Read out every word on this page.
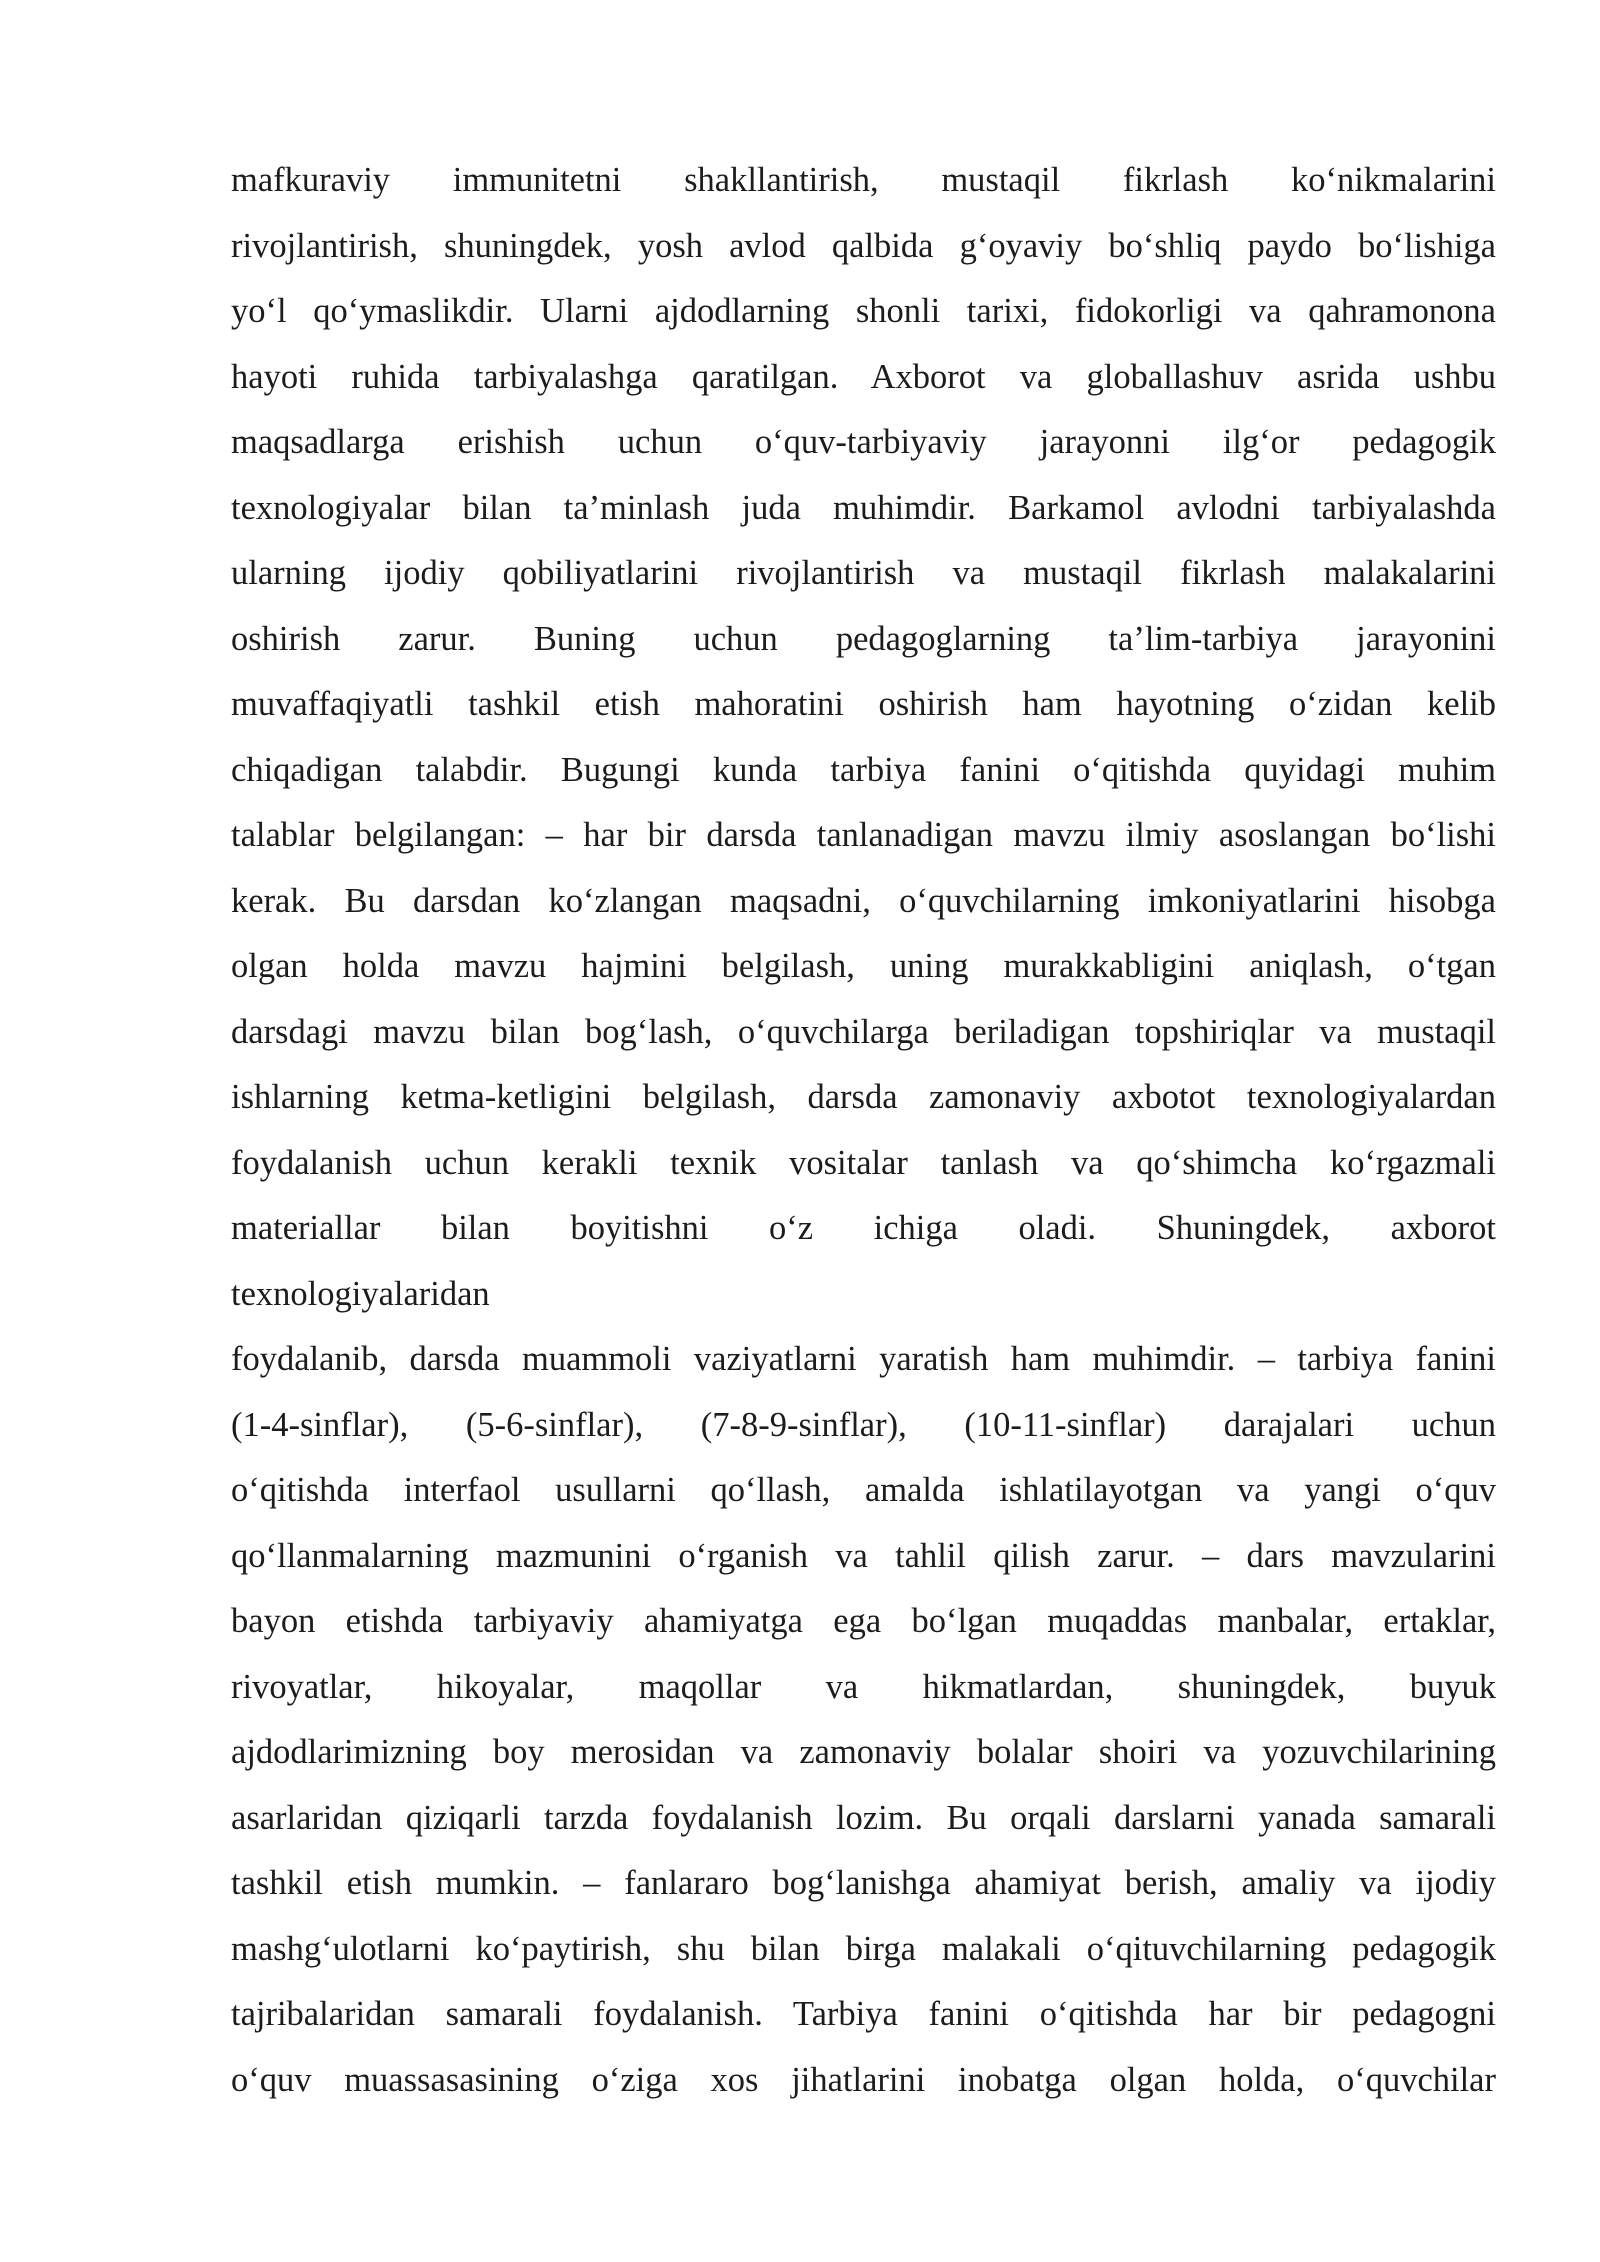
mafkuraviy immunitetni shakllantirish, mustaqil fikrlash ko‘nikmalarini
rivojlantirish, shuningdek, yosh avlod qalbida g‘oyaviy bo‘shliq paydo bo‘lishiga
yo‘l qo‘ymaslikdir. Ularni ajdodlarning shonli tarixi, fidokorligi va qahramonona
hayoti ruhida tarbiyalashga qaratilgan. Axborot va globallashuv asrida ushbu
maqsadlarga erishish uchun o‘quv-tarbiyaviy jarayonni ilg‘or pedagogik
texnologiyalar bilan ta’minlash juda muhimdir. Barkamol avlodni tarbiyalashda
ularning ijodiy qobiliyatlarini rivojlantirish va mustaqil fikrlash malakalarini
oshirish zarur. Buning uchun pedagoglarning ta’lim-tarbiya jarayonini
muvaffaqiyatli tashkil etish mahoratini oshirish ham hayotning o‘zidan kelib
chiqadigan talabdir. Bugungi kunda tarbiya fanini o‘qitishda quyidagi muhim
talablar belgilangan: – har bir darsda tanlanadigan mavzu ilmiy asoslangan bo‘lishi
kerak. Bu darsdan ko‘zlangan maqsadni, o‘quvchilarning imkoniyatlarini hisobga
olgan holda mavzu hajmini belgilash, uning murakkabligini aniqlash, o‘tgan
darsdagi mavzu bilan bog‘lash, o‘quvchilarga beriladigan topshiriqlar va mustaqil
ishlarning ketma-ketligini belgilash, darsda zamonaviy axbotot texnologiyalardan
foydalanish uchun kerakli texnik vositalar tanlash va qo‘shimcha ko‘rgazmali
materiallar bilan boyitishni o‘z ichiga oladi. Shuningdek, axborot
texnologiyalaridan
foydalanib, darsda muammoli vaziyatlarni yaratish ham muhimdir. – tarbiya fanini
(1-4-sinflar), (5-6-sinflar), (7-8-9-sinflar), (10-11-sinflar) darajalari uchun
o‘qitishda interfaol usullarni qo‘llash, amalda ishlatilayotgan va yangi o‘quv
qo‘llanmalarning mazmunini o‘rganish va tahlil qilish zarur. – dars mavzularini
bayon etishda tarbiyaviy ahamiyatga ega bo‘lgan muqaddas manbalar, ertaklar,
rivoyatlar, hikoyalar, maqollar va hikmatlardan, shuningdek, buyuk
ajdodlarimizning boy merosidan va zamonaviy bolalar shoiri va yozuvchilarining
asarlaridan qiziqarli tarzda foydalanish lozim. Bu orqali darslarni yanada samarali
tashkil etish mumkin. – fanlararo bog‘lanishga ahamiyat berish, amaliy va ijodiy
mashg‘ulotlarni ko‘paytirish, shu bilan birga malakali o‘qituvchilarning pedagogik
tajribalaridan samarali foydalanish. Tarbiya fanini o‘qitishda har bir pedagogni
o‘quv muassasasining o‘ziga xos jihatlarini inobatga olgan holda, o‘quvchilar
